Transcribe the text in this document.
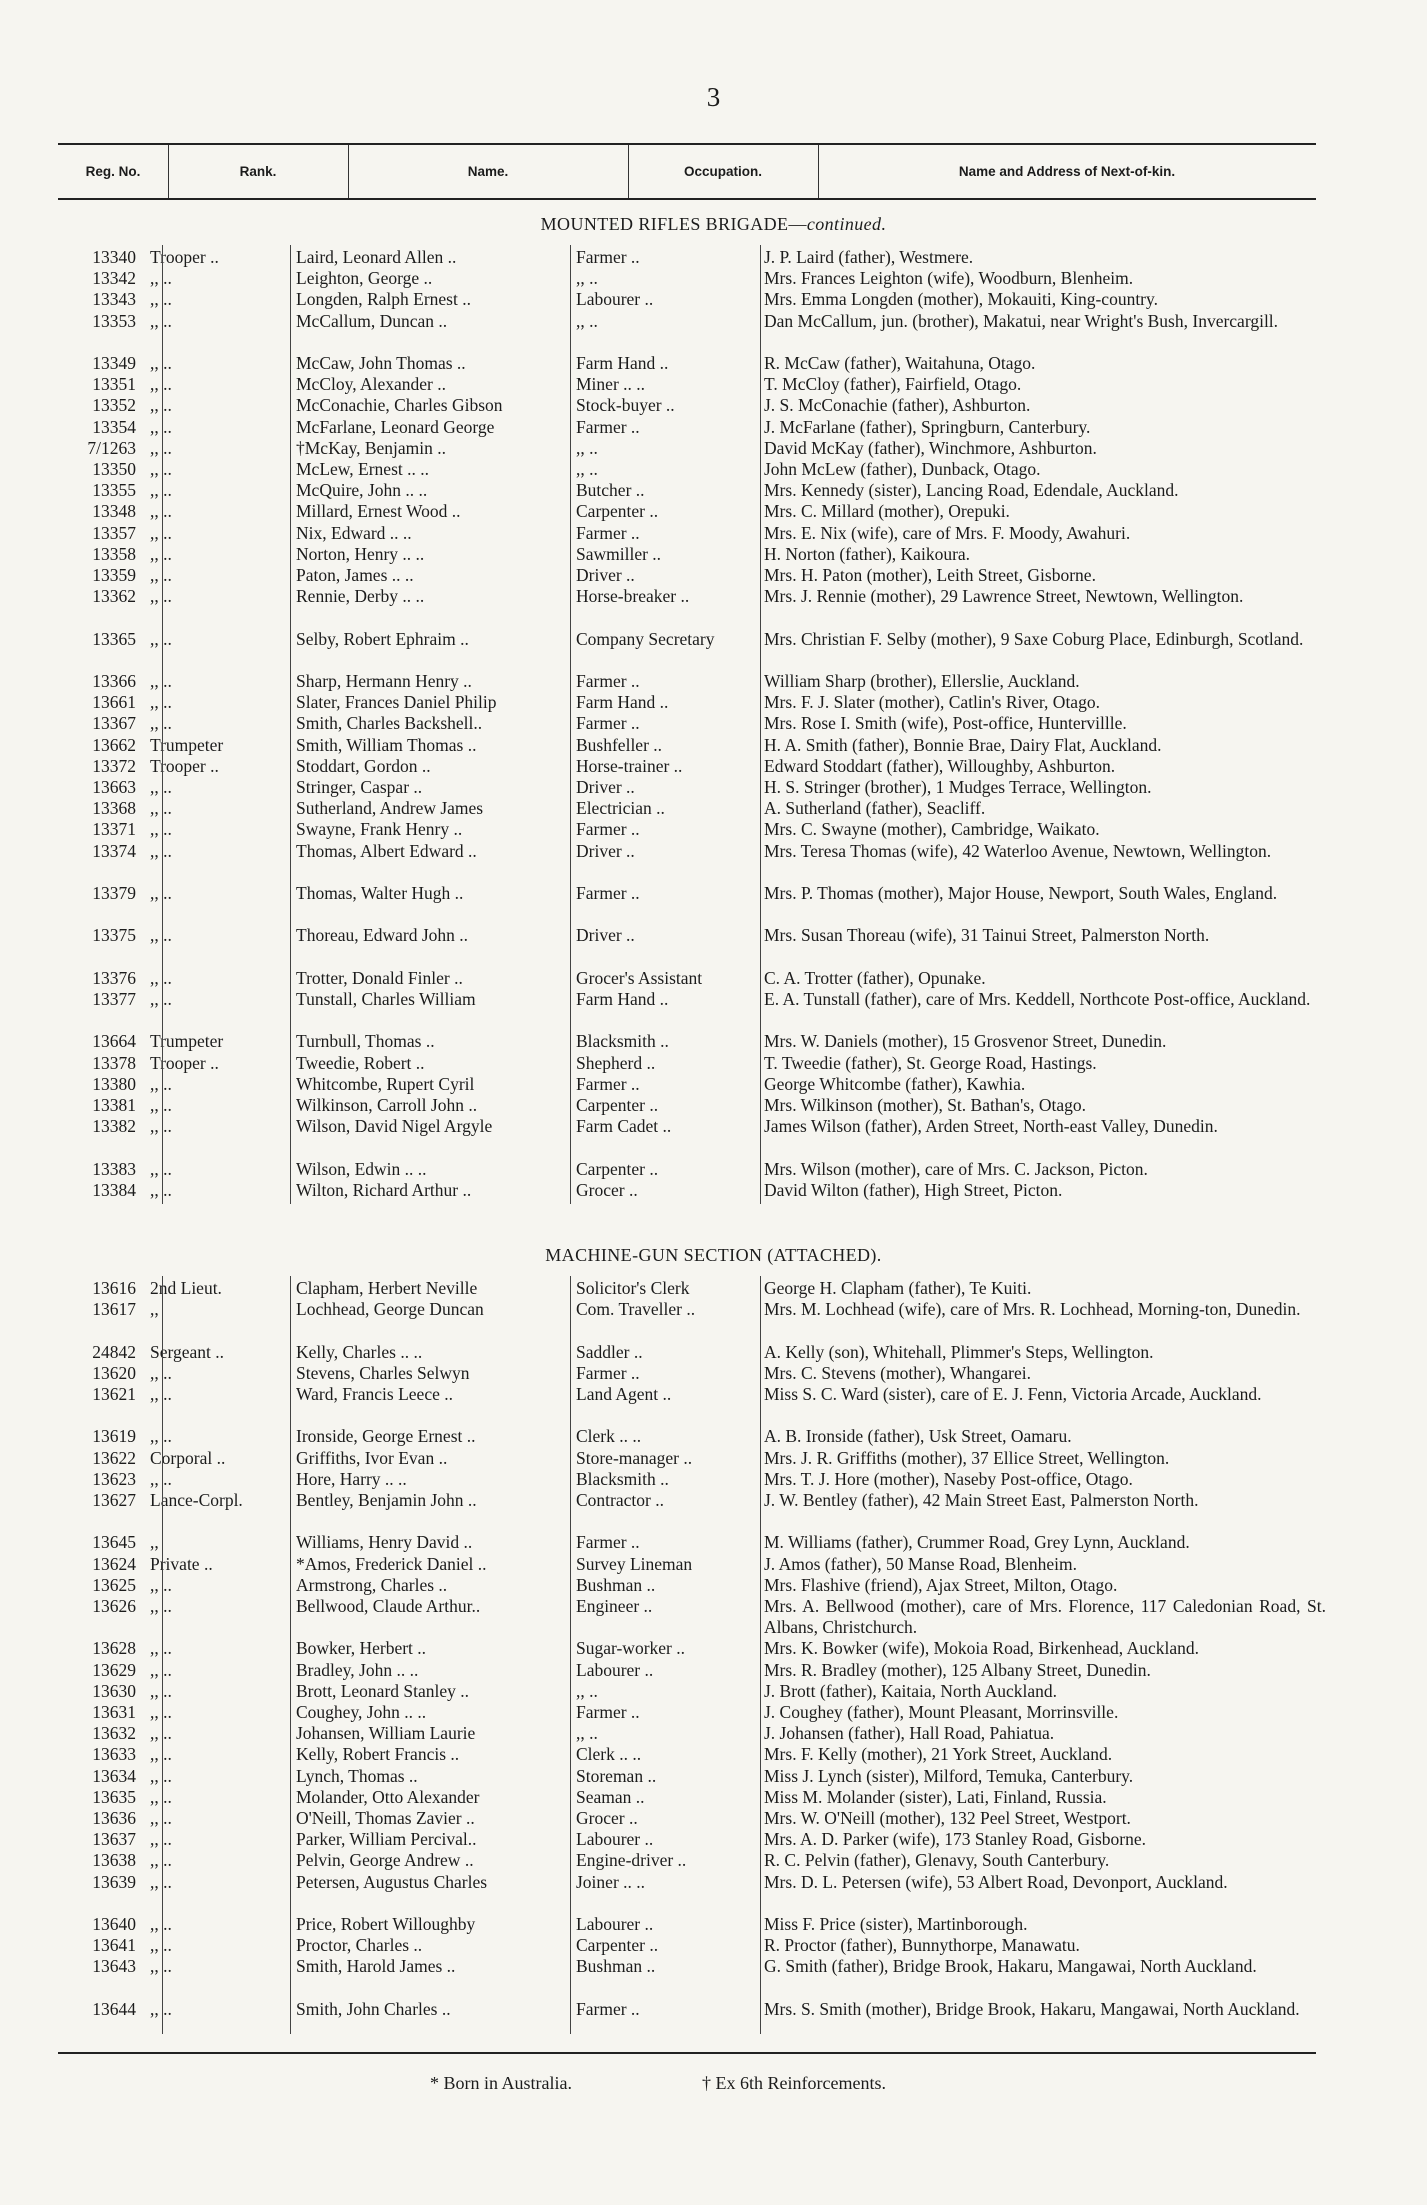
3
Reg. No.	Rank.	Name.	Occupation.	Name and Address of Next-of-kin.
MOUNTED RIFLES BRIGADE—continued.
MACHINE-GUN SECTION (ATTACHED).
13340 Trooper ..	Laird, Leonard Allen ..	Farmer ..	J. P. Laird (father), Westmere.
13342 ,, ..	Leighton, George ..	,, ..	Mrs. Frances Leighton (wife), Woodburn, Blenheim.
13343 ,, ..	Longden, Ralph Ernest ..	Labourer ..	Mrs. Emma Longden (mother), Mokauiti, King-country.
13353 ,, ..	McCallum, Duncan ..	,, ..	Dan McCallum, jun. (brother), Makatui, near Wright's Bush, Invercargill.
13349 ,, ..	McCaw, John Thomas ..	Farm Hand ..	R. McCaw (father), Waitahuna, Otago.
13351 ,, ..	McCloy, Alexander ..	Miner .. ..	T. McCloy (father), Fairfield, Otago.
13352 ,, ..	McConachie, Charles Gibson	Stock-buyer ..	J. S. McConachie (father), Ashburton.
13354 ,, ..	McFarlane, Leonard George	Farmer ..	J. McFarlane (father), Springburn, Canterbury.
7/1263 ,, ..	†McKay, Benjamin ..	,, ..	David McKay (father), Winchmore, Ashburton.
13350 ,, ..	McLew, Ernest .. ..	,, ..	John McLew (father), Dunback, Otago.
13355 ,, ..	McQuire, John .. ..	Butcher ..	Mrs. Kennedy (sister), Lancing Road, Edendale, Auckland.
13348 ,, ..	Millard, Ernest Wood ..	Carpenter ..	Mrs. C. Millard (mother), Orepuki.
13357 ,, ..	Nix, Edward .. ..	Farmer ..	Mrs. E. Nix (wife), care of Mrs. F. Moody, Awahuri.
13358 ,, ..	Norton, Henry .. ..	Sawmiller ..	H. Norton (father), Kaikoura.
13359 ,, ..	Paton, James .. ..	Driver ..	Mrs. H. Paton (mother), Leith Street, Gisborne.
13362 ,, ..	Rennie, Derby .. ..	Horse-breaker ..	Mrs. J. Rennie (mother), 29 Lawrence Street, Newtown, Wellington.
13365 ,, ..	Selby, Robert Ephraim ..	Company Secretary	Mrs. Christian F. Selby (mother), 9 Saxe Coburg Place, Edinburgh, Scotland.
13366 ,, ..	Sharp, Hermann Henry ..	Farmer ..	William Sharp (brother), Ellerslie, Auckland.
13661 ,, ..	Slater, Frances Daniel Philip	Farm Hand ..	Mrs. F. J. Slater (mother), Catlin's River, Otago.
13367 ,, ..	Smith, Charles Backshell..	Farmer ..	Mrs. Rose I. Smith (wife), Post-office, Huntervillle.
13662 Trumpeter	Smith, William Thomas ..	Bushfeller ..	H. A. Smith (father), Bonnie Brae, Dairy Flat, Auckland.
13372 Trooper ..	Stoddart, Gordon ..	Horse-trainer ..	Edward Stoddart (father), Willoughby, Ashburton.
13663 ,, ..	Stringer, Caspar ..	Driver ..	H. S. Stringer (brother), 1 Mudges Terrace, Wellington.
13368 ,, ..	Sutherland, Andrew James	Electrician ..	A. Sutherland (father), Seacliff.
13371 ,, ..	Swayne, Frank Henry ..	Farmer ..	Mrs. C. Swayne (mother), Cambridge, Waikato.
13374 ,, ..	Thomas, Albert Edward ..	Driver ..	Mrs. Teresa Thomas (wife), 42 Waterloo Avenue, Newtown, Wellington.
13379 ,, ..	Thomas, Walter Hugh ..	Farmer ..	Mrs. P. Thomas (mother), Major House, Newport, South Wales, England.
13375 ,, ..	Thoreau, Edward John ..	Driver ..	Mrs. Susan Thoreau (wife), 31 Tainui Street, Palmerston North.
13376 ,, ..	Trotter, Donald Finler ..	Grocer's Assistant	C. A. Trotter (father), Opunake.
13377 ,, ..	Tunstall, Charles William	Farm Hand ..	E. A. Tunstall (father), care of Mrs. Keddell, Northcote Post-office, Auckland.
13664 Trumpeter	Turnbull, Thomas ..	Blacksmith ..	Mrs. W. Daniels (mother), 15 Grosvenor Street, Dunedin.
13378 Trooper ..	Tweedie, Robert ..	Shepherd ..	T. Tweedie (father), St. George Road, Hastings.
13380 ,, ..	Whitcombe, Rupert Cyril	Farmer ..	George Whitcombe (father), Kawhia.
13381 ,, ..	Wilkinson, Carroll John ..	Carpenter ..	Mrs. Wilkinson (mother), St. Bathan's, Otago.
13382 ,, ..	Wilson, David Nigel Argyle	Farm Cadet ..	James Wilson (father), Arden Street, North-east Valley, Dunedin.
13383 ,, ..	Wilson, Edwin .. ..	Carpenter ..	Mrs. Wilson (mother), care of Mrs. C. Jackson, Picton.
13384 ,, ..	Wilton, Richard Arthur ..	Grocer ..	David Wilton (father), High Street, Picton.
13616 2nd Lieut.	Clapham, Herbert Neville	Solicitor's Clerk	George H. Clapham (father), Te Kuiti.
13617 ,,	Lochhead, George Duncan	Com. Traveller ..	Mrs. M. Lochhead (wife), care of Mrs. R. Lochhead, Morning-ton, Dunedin.
24842 Sergeant ..	Kelly, Charles .. ..	Saddler ..	A. Kelly (son), Whitehall, Plimmer's Steps, Wellington.
13620 ,, ..	Stevens, Charles Selwyn	Farmer ..	Mrs. C. Stevens (mother), Whangarei.
13621 ,, ..	Ward, Francis Leece ..	Land Agent ..	Miss S. C. Ward (sister), care of E. J. Fenn, Victoria Arcade, Auckland.
13619 ,, ..	Ironside, George Ernest ..	Clerk .. ..	A. B. Ironside (father), Usk Street, Oamaru.
13622 Corporal ..	Griffiths, Ivor Evan ..	Store-manager ..	Mrs. J. R. Griffiths (mother), 37 Ellice Street, Wellington.
13623 ,, ..	Hore, Harry .. ..	Blacksmith ..	Mrs. T. J. Hore (mother), Naseby Post-office, Otago.
13627 Lance-Corpl.	Bentley, Benjamin John ..	Contractor ..	J. W. Bentley (father), 42 Main Street East, Palmerston North.
13645 ,,	Williams, Henry David ..	Farmer ..	M. Williams (father), Crummer Road, Grey Lynn, Auckland.
13624 Private ..	*Amos, Frederick Daniel ..	Survey Lineman	J. Amos (father), 50 Manse Road, Blenheim.
13625 ,, ..	Armstrong, Charles ..	Bushman ..	Mrs. Flashive (friend), Ajax Street, Milton, Otago.
13626 ,, ..	Bellwood, Claude Arthur..	Engineer ..	Mrs. A. Bellwood (mother), care of Mrs. Florence, 117 Caledonian Road, St. Albans, Christchurch.
13628 ,, ..	Bowker, Herbert ..	Sugar-worker ..	Mrs. K. Bowker (wife), Mokoia Road, Birkenhead, Auckland.
13629 ,, ..	Bradley, John .. ..	Labourer ..	Mrs. R. Bradley (mother), 125 Albany Street, Dunedin.
13630 ,, ..	Brott, Leonard Stanley ..	,, ..	J. Brott (father), Kaitaia, North Auckland.
13631 ,, ..	Coughey, John .. ..	Farmer ..	J. Coughey (father), Mount Pleasant, Morrinsville.
13632 ,, ..	Johansen, William Laurie	,, ..	J. Johansen (father), Hall Road, Pahiatua.
13633 ,, ..	Kelly, Robert Francis ..	Clerk .. ..	Mrs. F. Kelly (mother), 21 York Street, Auckland.
13634 ,, ..	Lynch, Thomas ..	Storeman ..	Miss J. Lynch (sister), Milford, Temuka, Canterbury.
13635 ,, ..	Molander, Otto Alexander	Seaman ..	Miss M. Molander (sister), Lati, Finland, Russia.
13636 ,, ..	O'Neill, Thomas Zavier ..	Grocer ..	Mrs. W. O'Neill (mother), 132 Peel Street, Westport.
13637 ,, ..	Parker, William Percival..	Labourer ..	Mrs. A. D. Parker (wife), 173 Stanley Road, Gisborne.
13638 ,, ..	Pelvin, George Andrew ..	Engine-driver ..	R. C. Pelvin (father), Glenavy, South Canterbury.
13639 ,, ..	Petersen, Augustus Charles	Joiner .. ..	Mrs. D. L. Petersen (wife), 53 Albert Road, Devonport, Auckland.
13640 ,, ..	Price, Robert Willoughby	Labourer ..	Miss F. Price (sister), Martinborough.
13641 ,, ..	Proctor, Charles ..	Carpenter ..	R. Proctor (father), Bunnythorpe, Manawatu.
13643 ,, ..	Smith, Harold James ..	Bushman ..	G. Smith (father), Bridge Brook, Hakaru, Mangawai, North Auckland.
13644 ,, ..	Smith, John Charles ..	Farmer ..	Mrs. S. Smith (mother), Bridge Brook, Hakaru, Mangawai, North Auckland.
* Born in Australia.	† Ex 6th Reinforcements.
